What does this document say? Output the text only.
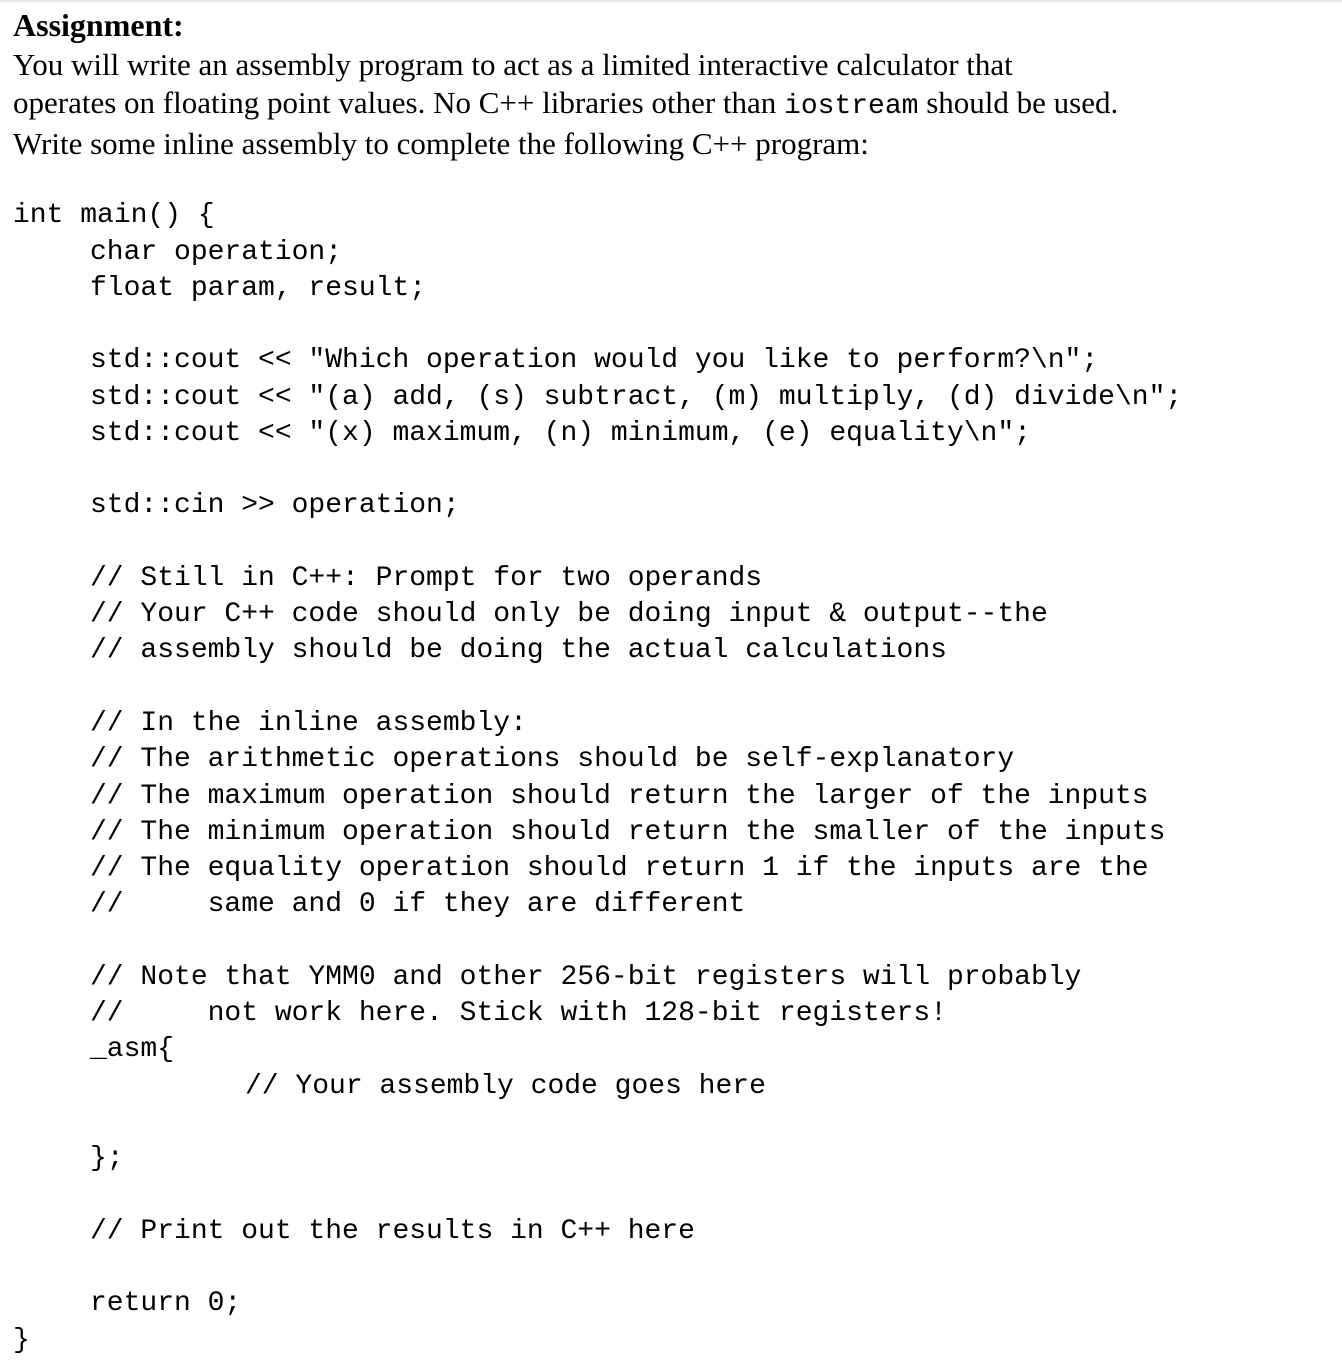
Assignment:
You will write an assembly program to act as a limited interactive calculator that
operates on floating point values. No C++ libraries other than iostream should be used.
Write some inline assembly to complete the following C++ program:
int main() {
char operation;
float param, result;
std::cout << "Which operation would you like to perform?\n";
std::cout << "(a) add, (s) subtract, (m) multiply, (d) divide\n";
std::cout << "(x) maximum, (n) minimum, (e) equality\n";
std::cin >> operation;
// Still in C++: Prompt for two operands
// Your C++ code should only be doing input & output--the
// assembly should be doing the actual calculations
// In the inline assembly:
// The arithmetic operations should be self-explanatory
// The maximum operation should return the larger of the inputs
// The minimum operation should return the smaller of the inputs
// The equality operation should return 1 if the inputs are the
//     same and 0 if they are different
// Note that YMM0 and other 256-bit registers will probably
//     not work here. Stick with 128-bit registers!
_asm{
// Your assembly code goes here
};
// Print out the results in C++ here
return 0;
}
